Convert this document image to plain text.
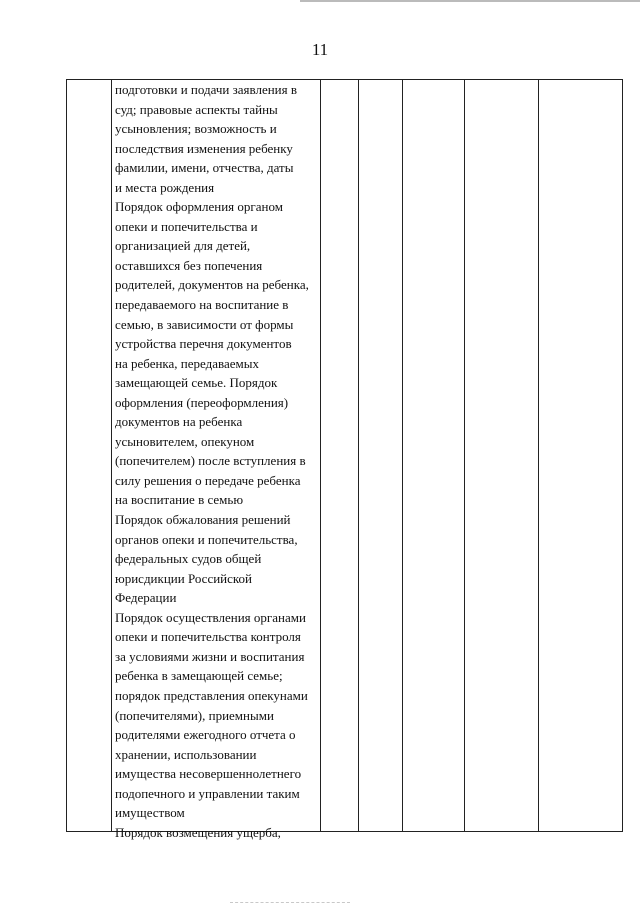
11
подготовки и подачи заявления в
суд; правовые аспекты тайны
усыновления; возможность и
последствия изменения ребенку
фамилии, имени, отчества, даты
и места рождения
Порядок оформления органом
опеки и попечительства и
организацией для детей,
оставшихся без попечения
родителей, документов на ребенка,
передаваемого на воспитание в
семью, в зависимости от формы
устройства перечня документов
на ребенка, передаваемых
замещающей семье. Порядок
оформления (переоформления)
документов на ребенка
усыновителем, опекуном
(попечителем) после вступления в
силу решения о передаче ребенка
на воспитание в семью
Порядок обжалования решений
органов опеки и попечительства,
федеральных судов общей
юрисдикции Российской
Федерации
Порядок осуществления органами
опеки и попечительства контроля
за условиями жизни и воспитания
ребенка в замещающей семье;
порядок представления опекунами
(попечителями), приемными
родителями ежегодного отчета о
хранении, использовании
имущества несовершеннолетнего
подопечного и управлении таким
имуществом
Порядок возмещения ущерба,
